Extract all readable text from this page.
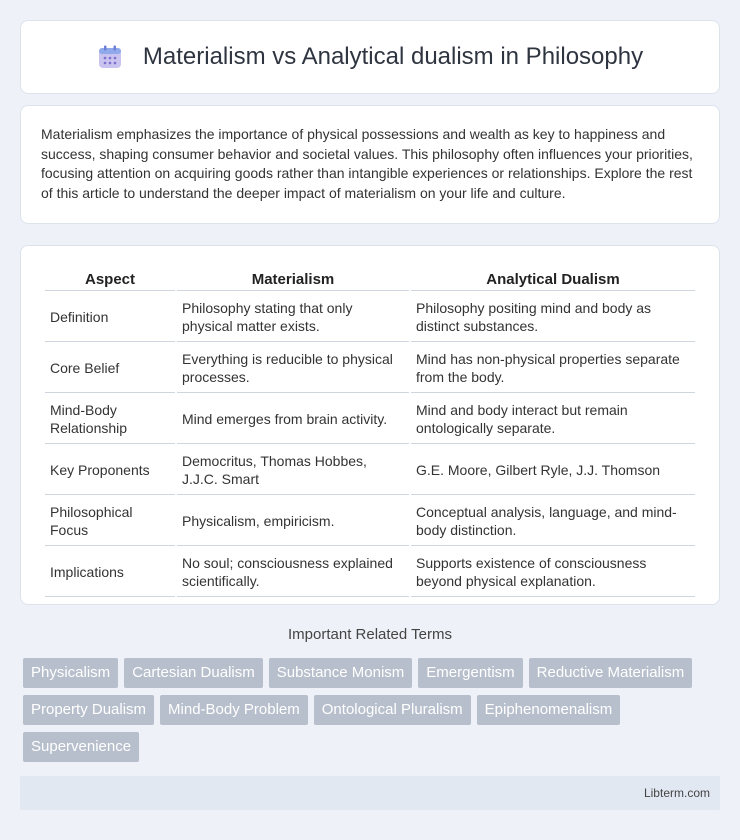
Materialism vs Analytical dualism in Philosophy

Materialism emphasizes the importance of physical possessions and wealth as key to happiness and success, shaping consumer behavior and societal values. This philosophy often influences your priorities, focusing attention on acquiring goods rather than intangible experiences or relationships. Explore the rest of this article to understand the deeper impact of materialism on your life and culture.

Aspect	Materialism	Analytical Dualism
Definition	Philosophy stating that only physical matter exists.	Philosophy positing mind and body as distinct substances.
Core Belief	Everything is reducible to physical processes.	Mind has non-physical properties separate from the body.
Mind-Body Relationship	Mind emerges from brain activity.	Mind and body interact but remain ontologically separate.
Key Proponents	Democritus, Thomas Hobbes, J.J.C. Smart	G.E. Moore, Gilbert Ryle, J.J. Thomson
Philosophical Focus	Physicalism, empiricism.	Conceptual analysis, language, and mind-body distinction.
Implications	No soul; consciousness explained scientifically.	Supports existence of consciousness beyond physical explanation.
Important Related Terms
Physicalism	Cartesian Dualism	Substance Monism	Emergentism	Reductive Materialism
Property Dualism	Mind-Body Problem	Ontological Pluralism	Epiphenomenalism
Supervenience
Libterm.com
